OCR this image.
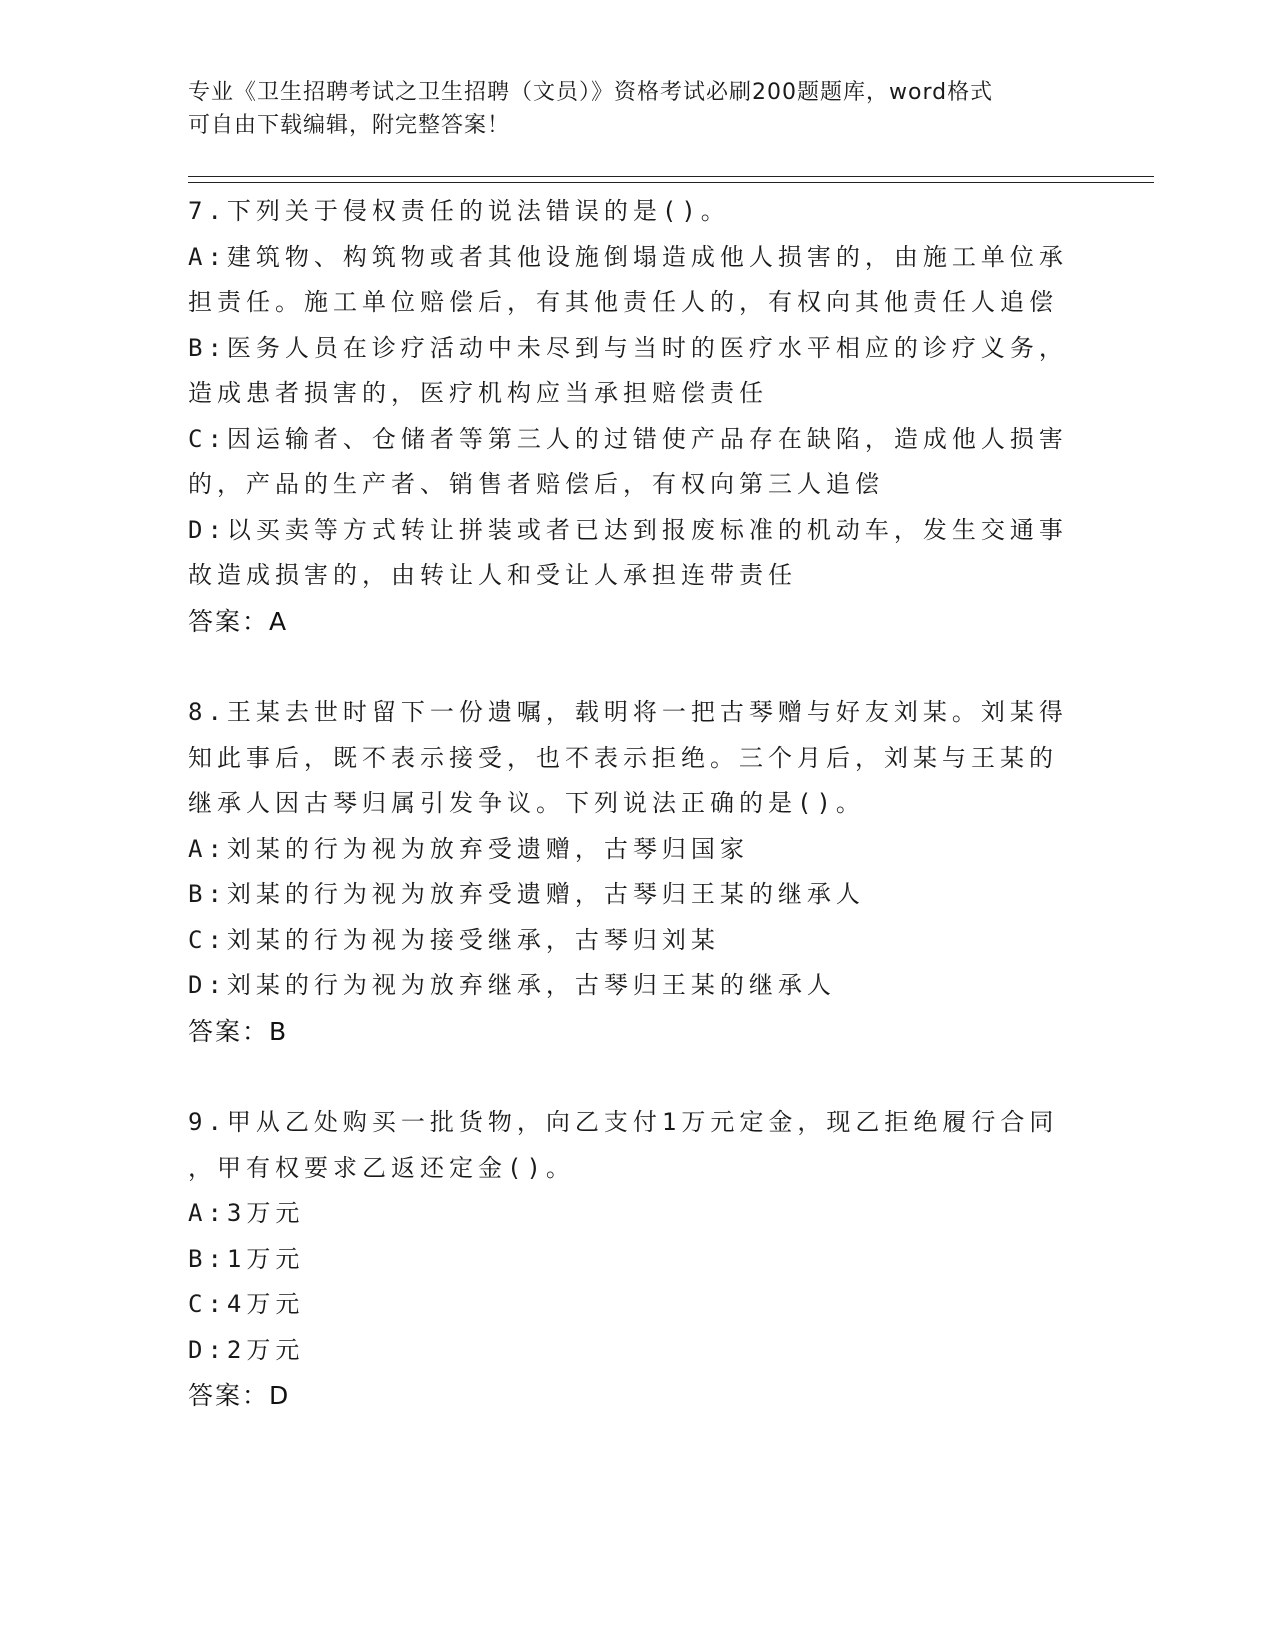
专业《卫生招聘考试之卫生招聘（文员）》资格考试必刷200题题库，word格式
可自由下载编辑，附完整答案！
7.下列关于侵权责任的说法错误的是()。
A:建筑物、构筑物或者其他设施倒塌造成他人损害的，由施工单位承
担责任。施工单位赔偿后，有其他责任人的，有权向其他责任人追偿
B:医务人员在诊疗活动中未尽到与当时的医疗水平相应的诊疗义务，
造成患者损害的，医疗机构应当承担赔偿责任
C:因运输者、仓储者等第三人的过错使产品存在缺陷，造成他人损害
的，产品的生产者、销售者赔偿后，有权向第三人追偿
D:以买卖等方式转让拼装或者已达到报废标准的机动车，发生交通事
故造成损害的，由转让人和受让人承担连带责任
答案：A
8.王某去世时留下一份遗嘱，载明将一把古琴赠与好友刘某。刘某得
知此事后，既不表示接受，也不表示拒绝。三个月后，刘某与王某的
继承人因古琴归属引发争议。下列说法正确的是()。
A:刘某的行为视为放弃受遗赠，古琴归国家
B:刘某的行为视为放弃受遗赠，古琴归王某的继承人
C:刘某的行为视为接受继承，古琴归刘某
D:刘某的行为视为放弃继承，古琴归王某的继承人
答案：B
9.甲从乙处购买一批货物，向乙支付1万元定金，现乙拒绝履行合同
，甲有权要求乙返还定金()。
A:3万元
B:1万元
C:4万元
D:2万元
答案：D
